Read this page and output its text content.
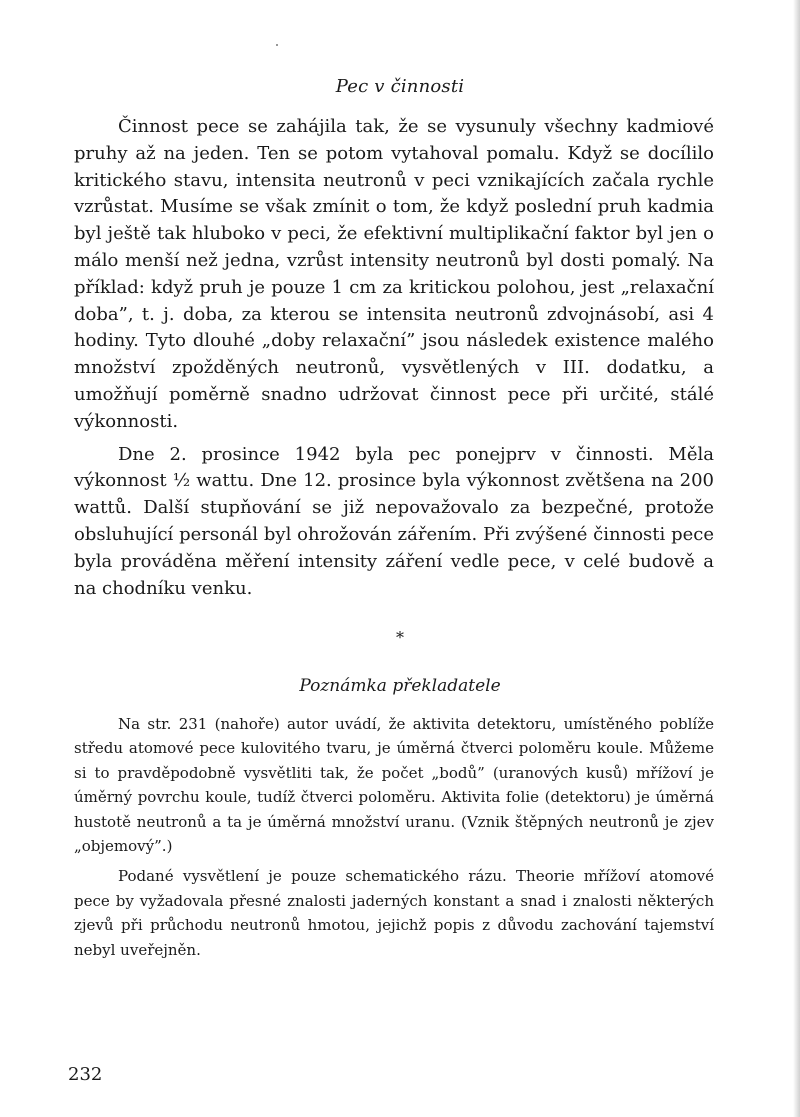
Pec v činnosti

Činnost pece se zahájila tak, že se vysunuly všechny kadmiové pruhy až na jeden. Ten se potom vytahoval pomalu. Když se docílilo kritického stavu, intensita neutronů v peci vznikajících začala rychle vzrůstat. Musíme se však zmínit o tom, že když poslední pruh kadmia byl ještě tak hluboko v peci, že efektivní multiplikační faktor byl jen o málo menší než jedna, vzrůst intensity neutronů byl dosti pomalý. Na příklad: když pruh je pouze 1 cm za kritickou polohou, jest „relaxační doba”, t. j. doba, za kterou se intensita neutronů zdvojnásobí, asi 4 hodiny. Tyto dlouhé „doby relaxační” jsou následek existence malého množství zpožděných neutronů, vysvětlených v III. dodatku, a umožňují poměrně snadno udržovat činnost pece při určité, stálé výkonnosti.

Dne 2. prosince 1942 byla pec ponejprv v činnosti. Měla výkonnost ½ wattu. Dne 12. prosince byla výkonnost zvětšena na 200 wattů. Další stupňování se již nepovažovalo za bezpečné, protože obsluhující personál byl ohrožován zářením. Při zvýšené činnosti pece byla prováděna měření intensity záření vedle pece, v celé budově a na chodníku venku.

*
Poznámka překladatele

Na str. 231 (nahoře) autor uvádí, že aktivita detektoru, umístěného poblíže středu atomové pece kulovitého tvaru, je úměrná čtverci poloměru koule. Můžeme si to pravděpodobně vysvětliti tak, že počet „bodů” (uranových kusů) mřížoví je úměrný povrchu koule, tudíž čtverci poloměru. Aktivita folie (detektoru) je úměrná hustotě neutronů a ta je úměrná množství uranu. (Vznik štěpných neutronů je zjev „objemový”.)

Podané vysvětlení je pouze schematického rázu. Theorie mřížoví atomové pece by vyžadovala přesné znalosti jaderných konstant a snad i znalosti některých zjevů při průchodu neutronů hmotou, jejichž popis z důvodu zachování tajemství nebyl uveřejněn.

232
